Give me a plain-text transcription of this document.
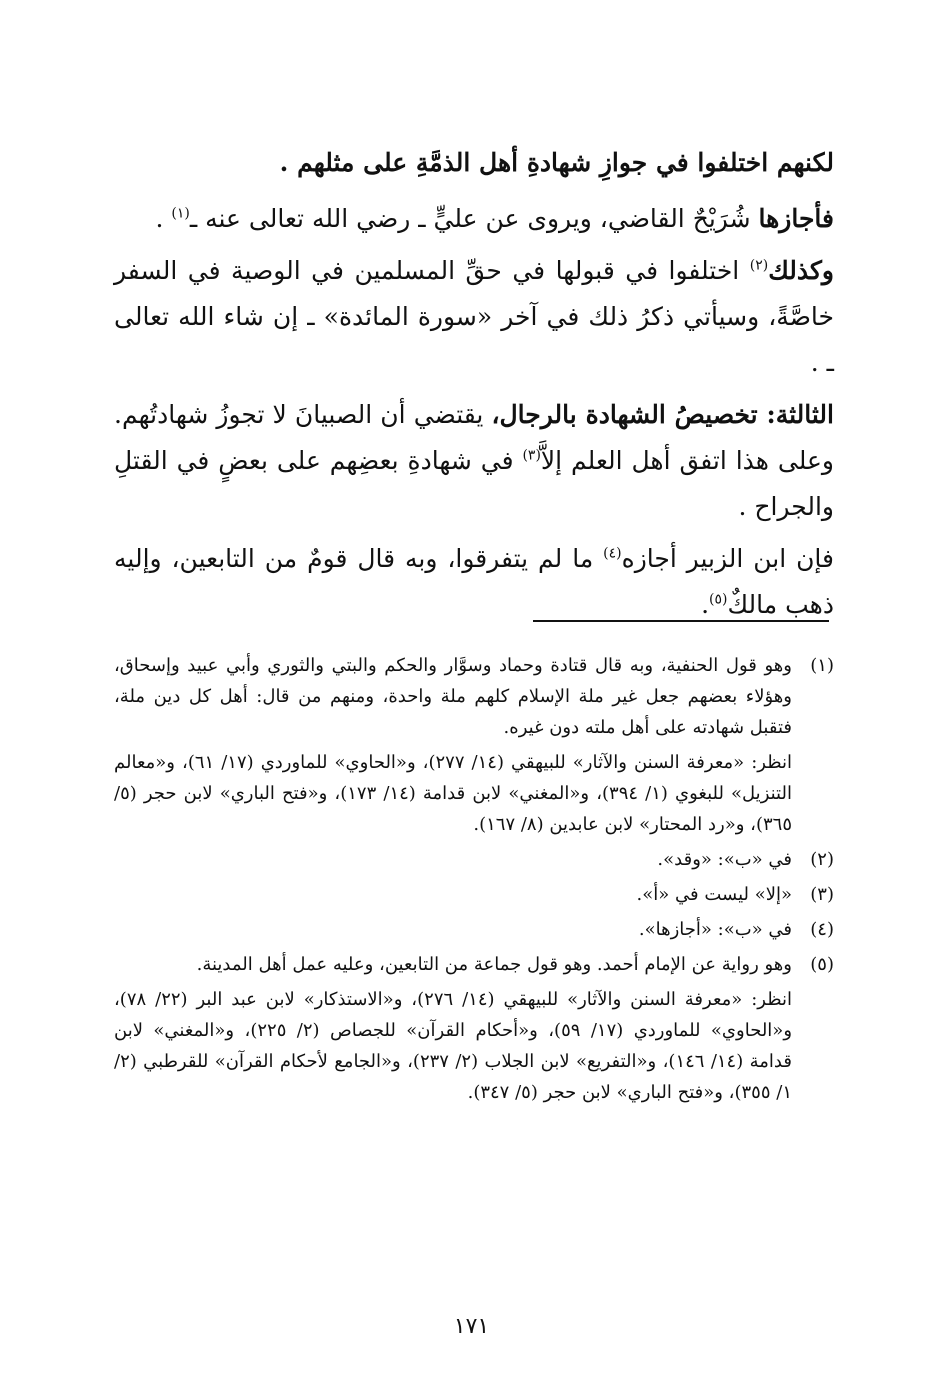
لكنهم اختلفوا في جوازِ شهادةِ أهل الذمَّةِ على مثلهم .

فأجازها شُرَيْحٌ القاضي، ويروى عن عليٍّ ـ رضي الله تعالى عنه ـ$^{(١)}$ .

وكذلك$^{(٢)}$ اختلفوا في قبولها في حقِّ المسلمين في الوصية في السفر خاصَّةً، وسيأتي ذكرُ ذلك في آخر «سورة المائدة» ـ إن شاء الله تعالى ـ .

الثالثة: تخصيصُ الشهادة بالرجال، يقتضي أن الصبيانَ لا تجوزُ شهادتُهم. وعلى هذا اتفق أهل العلم إلاَّ$^{(٣)}$ في شهادةِ بعضِهم على بعضٍ في القتلِ والجراح .

فإن ابن الزبير أجازه$^{(٤)}$ ما لم يتفرقوا، وبه قال قومٌ من التابعين، وإليه ذهب مالكٌ$^{(٥)}$.

(١)

وهو قول الحنفية، وبه قال قتادة وحماد وسوَّار والحكم والبتي والثوري وأبي عبيد وإسحاق، وهؤلاء بعضهم جعل غير ملة الإسلام كلهم ملة واحدة، ومنهم من قال: أهل كل دين ملة، فتقبل شهادته على أهل ملته دون غيره.

انظر: «معرفة السنن والآثار» للبيهقي (١٤/ ٢٧٧)، و«الحاوي» للماوردي (١٧/ ٦١)، و«معالم التنزيل» للبغوي (١/ ٣٩٤)، و«المغني» لابن قدامة (١٤/ ١٧٣)، و«فتح الباري» لابن حجر (٥/ ٣٦٥)، و«رد المحتار» لابن عابدين (٨/ ١٦٧).

(٢)

في «ب»: «وقد».

(٣)

«إلا» ليست في «أ».

(٤)

في «ب»: «أجازها».

(٥)

وهو رواية عن الإمام أحمد. وهو قول جماعة من التابعين، وعليه عمل أهل المدينة.

انظر: «معرفة السنن والآثار» للبيهقي (١٤/ ٢٧٦)، و«الاستذكار» لابن عبد البر (٢٢/ ٧٨)، و«الحاوي» للماوردي (١٧/ ٥٩)، و«أحكام القرآن» للجصاص (٢/ ٢٢٥)، و«المغني» لابن قدامة (١٤/ ١٤٦)، و«التفريع» لابن الجلاب (٢/ ٢٣٧)، و«الجامع لأحكام القرآن» للقرطبي (٢/ ١/ ٣٥٥)، و«فتح الباري» لابن حجر (٥/ ٣٤٧).

١٧١
